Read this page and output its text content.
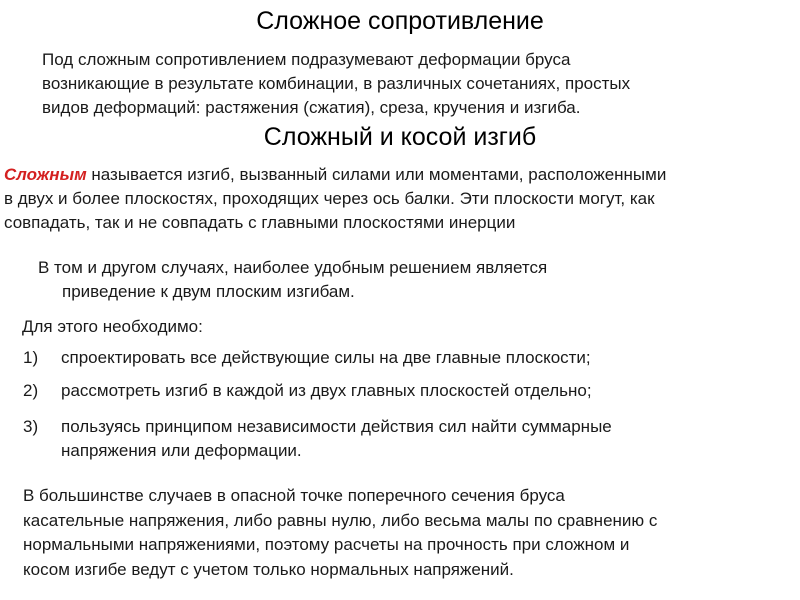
Сложное сопротивление
Под сложным сопротивлением подразумевают деформации бруса
возникающие в результате комбинации, в различных сочетаниях, простых
видов деформаций: растяжения (сжатия), среза, кручения и изгиба.
Сложный и косой изгиб
Сложным называется изгиб, вызванный силами или моментами, расположенными
в двух и более плоскостях, проходящих через ось балки. Эти плоскости могут, как
совпадать, так и не совпадать с главными плоскостями инерции
В том и другом случаях, наиболее удобным решением является
приведение к двум плоским изгибам.
Для этого необходимо:
1) спроектировать все действующие силы на две главные плоскости;
2) рассмотреть изгиб в каждой из двух главных плоскостей отдельно;
3) пользуясь принципом независимости действия сил найти суммарные
напряжения или деформации.
В большинстве случаев в опасной точке поперечного сечения бруса
касательные напряжения, либо равны нулю, либо весьма малы по сравнению с
нормальными напряжениями, поэтому расчеты на прочность при сложном и
косом изгибе ведут с учетом только нормальных напряжений.
